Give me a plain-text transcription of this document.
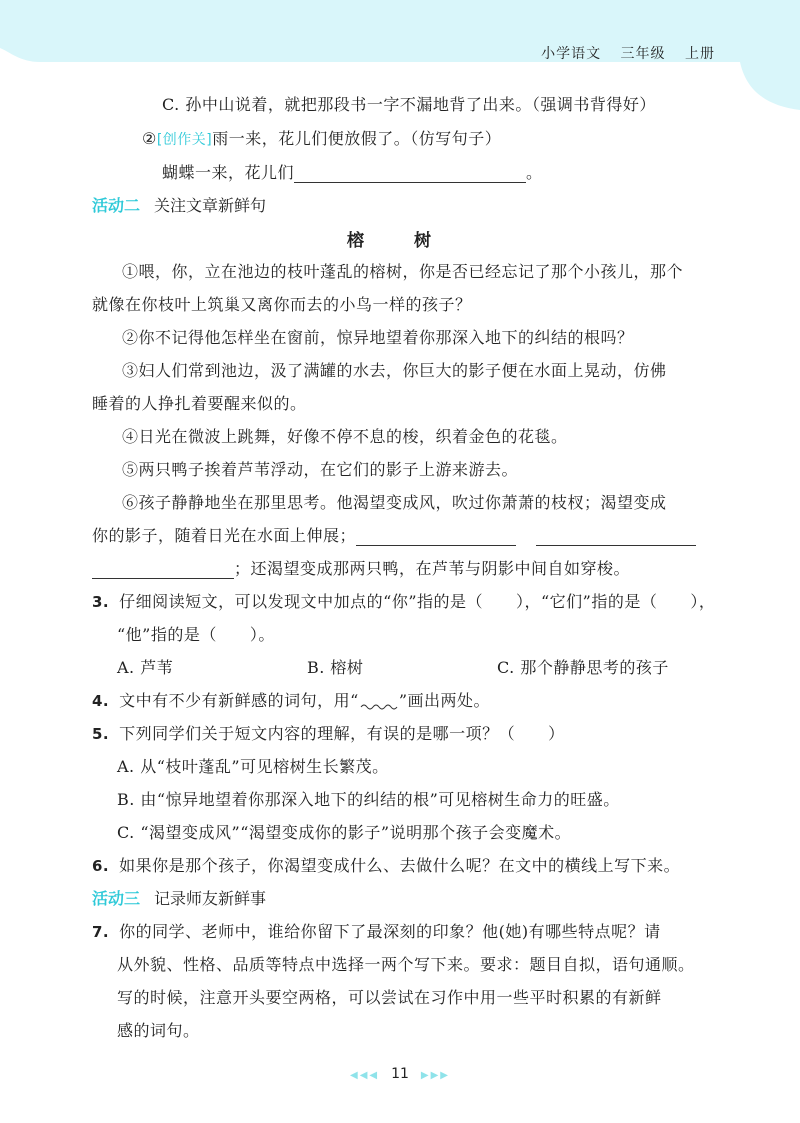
小学语文 三年级 上册
C. 孙中山说着，就把那段书一字不漏地背了出来。（强调书背得好）
②[创作关]雨一来，花儿们便放假了。（仿写句子）
蝴蝶一来，花儿们	。
活动二 关注文章新鲜句
榕 树
①喂，你，立在池边的枝叶蓬乱的榕树，你是否已经忘记了那个小孩儿，那个
就像在你枝叶上筑巢又离你而去的小鸟一样的孩子？
②你不记得他怎样坐在窗前，惊异地望着你那深入地下的纠结的根吗？
③妇人们常到池边，汲了满罐的水去，你巨大的影子便在水面上晃动，仿佛
睡着的人挣扎着要醒来似的。
④日光在微波上跳舞，好像不停不息的梭，织着金色的花毯。
⑤两只鸭子挨着芦苇浮动，在它们的影子上游来游去。
⑥孩子静静地坐在那里思考。他渴望变成风，吹过你萧萧的枝杈；渴望变成
你的影子，随着日光在水面上伸展；
；还渴望变成那两只鸭，在芦苇与阴影中间自如穿梭。
3. 仔细阅读短文，可以发现文中加点的“你”指的是（　　），“它们”指的是（　　），
“他”指的是（　　）。
A. 芦苇	B. 榕树	C. 那个静静思考的孩子
4. 文中有不少有新鲜感的词句，用“	”画出两处。
5. 下列同学们关于短文内容的理解，有误的是哪一项？（　　）
A. 从“枝叶蓬乱”可见榕树生长繁茂。
B. 由“惊异地望着你那深入地下的纠结的根”可见榕树生命力的旺盛。
C. “渴望变成风”“渴望变成你的影子”说明那个孩子会变魔术。
6. 如果你是那个孩子，你渴望变成什么、去做什么呢？在文中的横线上写下来。
活动三 记录师友新鲜事
7. 你的同学、老师中，谁给你留下了最深刻的印象？他(她)有哪些特点呢？请
从外貌、性格、品质等特点中选择一两个写下来。要求：题目自拟，语句通顺。
写的时候，注意开头要空两格，可以尝试在习作中用一些平时积累的有新鲜
感的词句。
◀◀◀ 11 ▶▶▶
